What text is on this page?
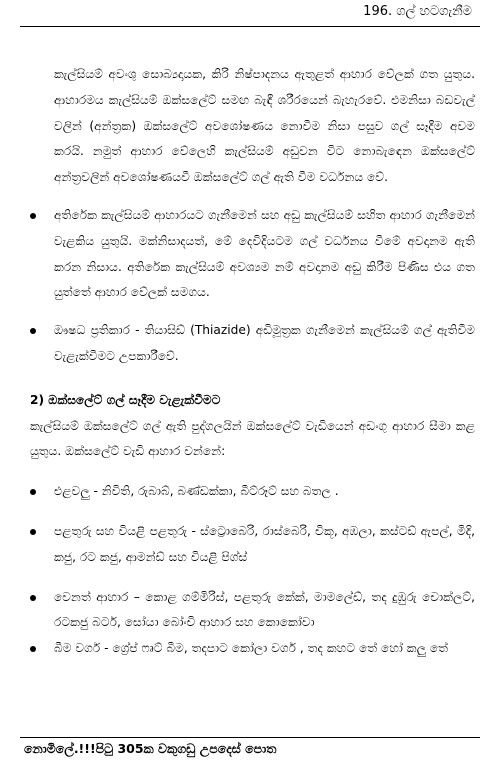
196. ගල් හටගැනීම

කැල්සියම් අවංශු සොබ්‍යදායක, කිරි නිෂ්පාදනය ඇතුළත් ආහාර වේලක් ගත යුතුය. ආහාරමය කැල්සියම් ඔක්සලේට් සමඟ බැඳී ශරීරයෙන් බැහැරවේ. එමනිසා බඩවැල් වලින් (අන්ත්‍රක) ඔක්සලේට් අවශෝෂණය නොවීම නිසා පසුව ගල් සෑදීම අවම කරයි. නමුත් ආහාර වේලෙහි කැල්සියම් අඩුවන විට නොබැඳෙන ඔක්සලේට් අන්ත්‍රවලින් අවශෝෂණයවී ඔක්සලේට් ගල් ඇති වීම වර්ධනය වේ.

අතිරේක කැල්සියම් ආහාරයට ගැනීමෙන් සහ අඩු කැල්සියම් සහිත ආහාර ගැනීමෙන් වැළකිය යුතුයි. මක්නිසාදයත්, මේ දෙවිදියටම ගල් වර්ධනය වීමේ අවදානම ඇති කරන නිසාය. අතිරේක කැල්සියම් අවශ්‍යම නම් අවදානම අඩු කිරීම පිණිස එය ගත යුත්තේ ආහාර වේලක් සමගය.
ඖෂධ ප්‍රතිකාර - තියාසිඩ් (Thiazide) අඩිමූත්‍රක ගැනීමෙන් කැල්සියම් ගල් ඇතිවීම වැළැක්වීමට උපකාරීවේ.

2) ඔක්සලේට් ගල් සෑදීම වැළැක්වීමට

කැල්සියම් ඔක්සලේට් ගල් ඇති පුද්ගලයින් ඔක්සලේට් වැඩියෙන් අඩංගු ආහාර සීමා කළ යුතුය. ඔක්සලේට් වැඩි ආහාර වන්නේ:

එළවලු - නිවිති, රුබාබ්, බණ්ඩක්කා, බීට්රූට් සහ බතල .
පළතුරු සහ වියළි පළතුරු - ස්ට්‍රොබෙරි, රාස්බෙරි, චිකූ, අඹලා, කස්ටඩ් ඇපල්, මිදි, කජු, රට කජු, ආමන්ඩ් සහ වියළි පිග්ස්
වෙනත් ආහාර – කොළ ගම්මිරිස්, පළතුරු කේක්, මාමලේඩ්, තද දුඹුරු චොක්ලට්, රටකජු බටර්, සෝයා බෝංචි ආහාර සහ කොකෝවා
බීම වර්ග - ග්‍රේප් ෆෘට් බීම, තදපාට කෝලා වර්ග , තද කහට තේ හෝ කලු තේ
නොමිලේ.!!!පිටු 305ක වකුගඩු උපදෙස් පොත
